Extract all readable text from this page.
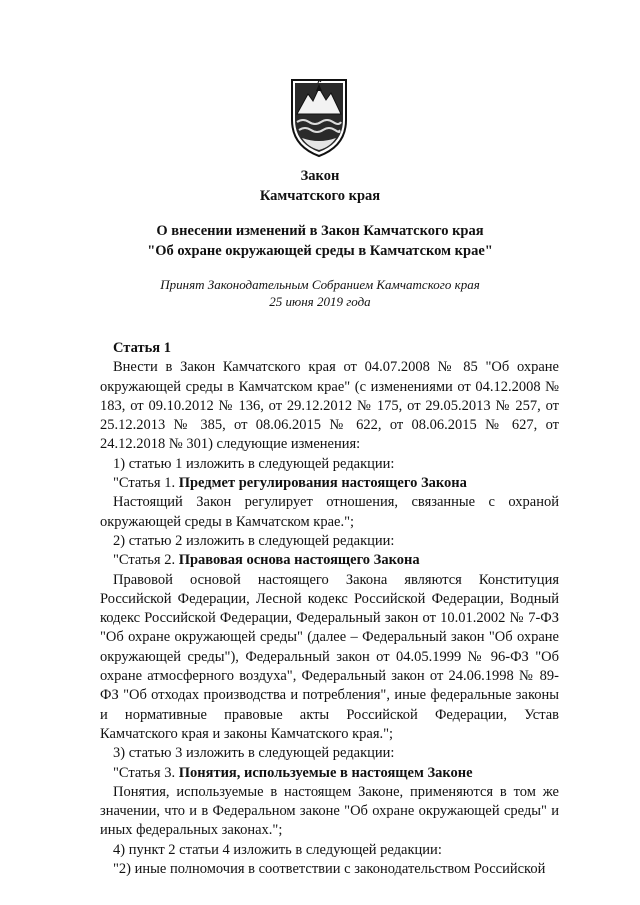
Закон
Камчатского края
О внесении изменений в Закон Камчатского края
"Об охране окружающей среды в Камчатском крае"
Принят Законодательным Собранием Камчатского края
25 июня 2019 года

Статья 1

Внести в Закон Камчатского края от 04.07.2008 № 85 "Об охране окружающей среды в Камчатском крае" (с изменениями от 04.12.2008 № 183, от 09.10.2012 № 136, от 29.12.2012 № 175, от 29.05.2013 № 257, от 25.12.2013 № 385, от 08.06.2015 № 622, от 08.06.2015 № 627, от 24.12.2018 № 301) следующие изменения:

1) статью 1 изложить в следующей редакции:

"Статья 1. Предмет регулирования настоящего Закона

Настоящий Закон регулирует отношения, связанные с охраной окружающей среды в Камчатском крае.";

2) статью 2 изложить в следующей редакции:

"Статья 2. Правовая основа настоящего Закона

Правовой основой настоящего Закона являются Конституция Российской Федерации, Лесной кодекс Российской Федерации, Водный кодекс Российской Федерации, Федеральный закон от 10.01.2002 № 7-ФЗ "Об охране окружающей среды" (далее – Федеральный закон "Об охране окружающей среды"), Федеральный закон от 04.05.1999 № 96-ФЗ "Об охране атмосферного воздуха", Федеральный закон от 24.06.1998 № 89-ФЗ "Об отходах производства и потребления", иные федеральные законы и нормативные правовые акты Российской Федерации, Устав Камчатского края и законы Камчатского края.";

3) статью 3 изложить в следующей редакции:

"Статья 3. Понятия, используемые в настоящем Законе

Понятия, используемые в настоящем Законе, применяются в том же значении, что и в Федеральном законе "Об охране окружающей среды" и иных федеральных законах.";

4) пункт 2 статьи 4 изложить в следующей редакции:

"2) иные полномочия в соответствии с законодательством Российской
